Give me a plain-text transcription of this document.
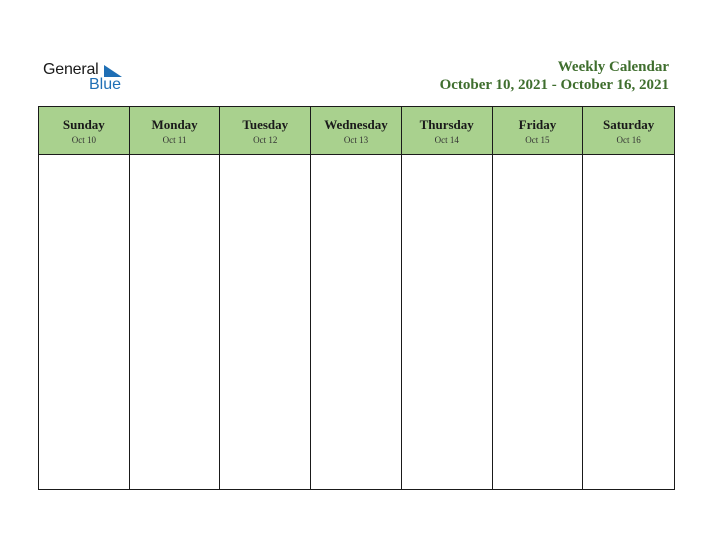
General
Blue
Weekly Calendar
October 10, 2021 - October 16, 2021
Sunday
Oct 10
Monday
Oct 11
Tuesday
Oct 12
Wednesday
Oct 13
Thursday
Oct 14
Friday
Oct 15
Saturday
Oct 16
